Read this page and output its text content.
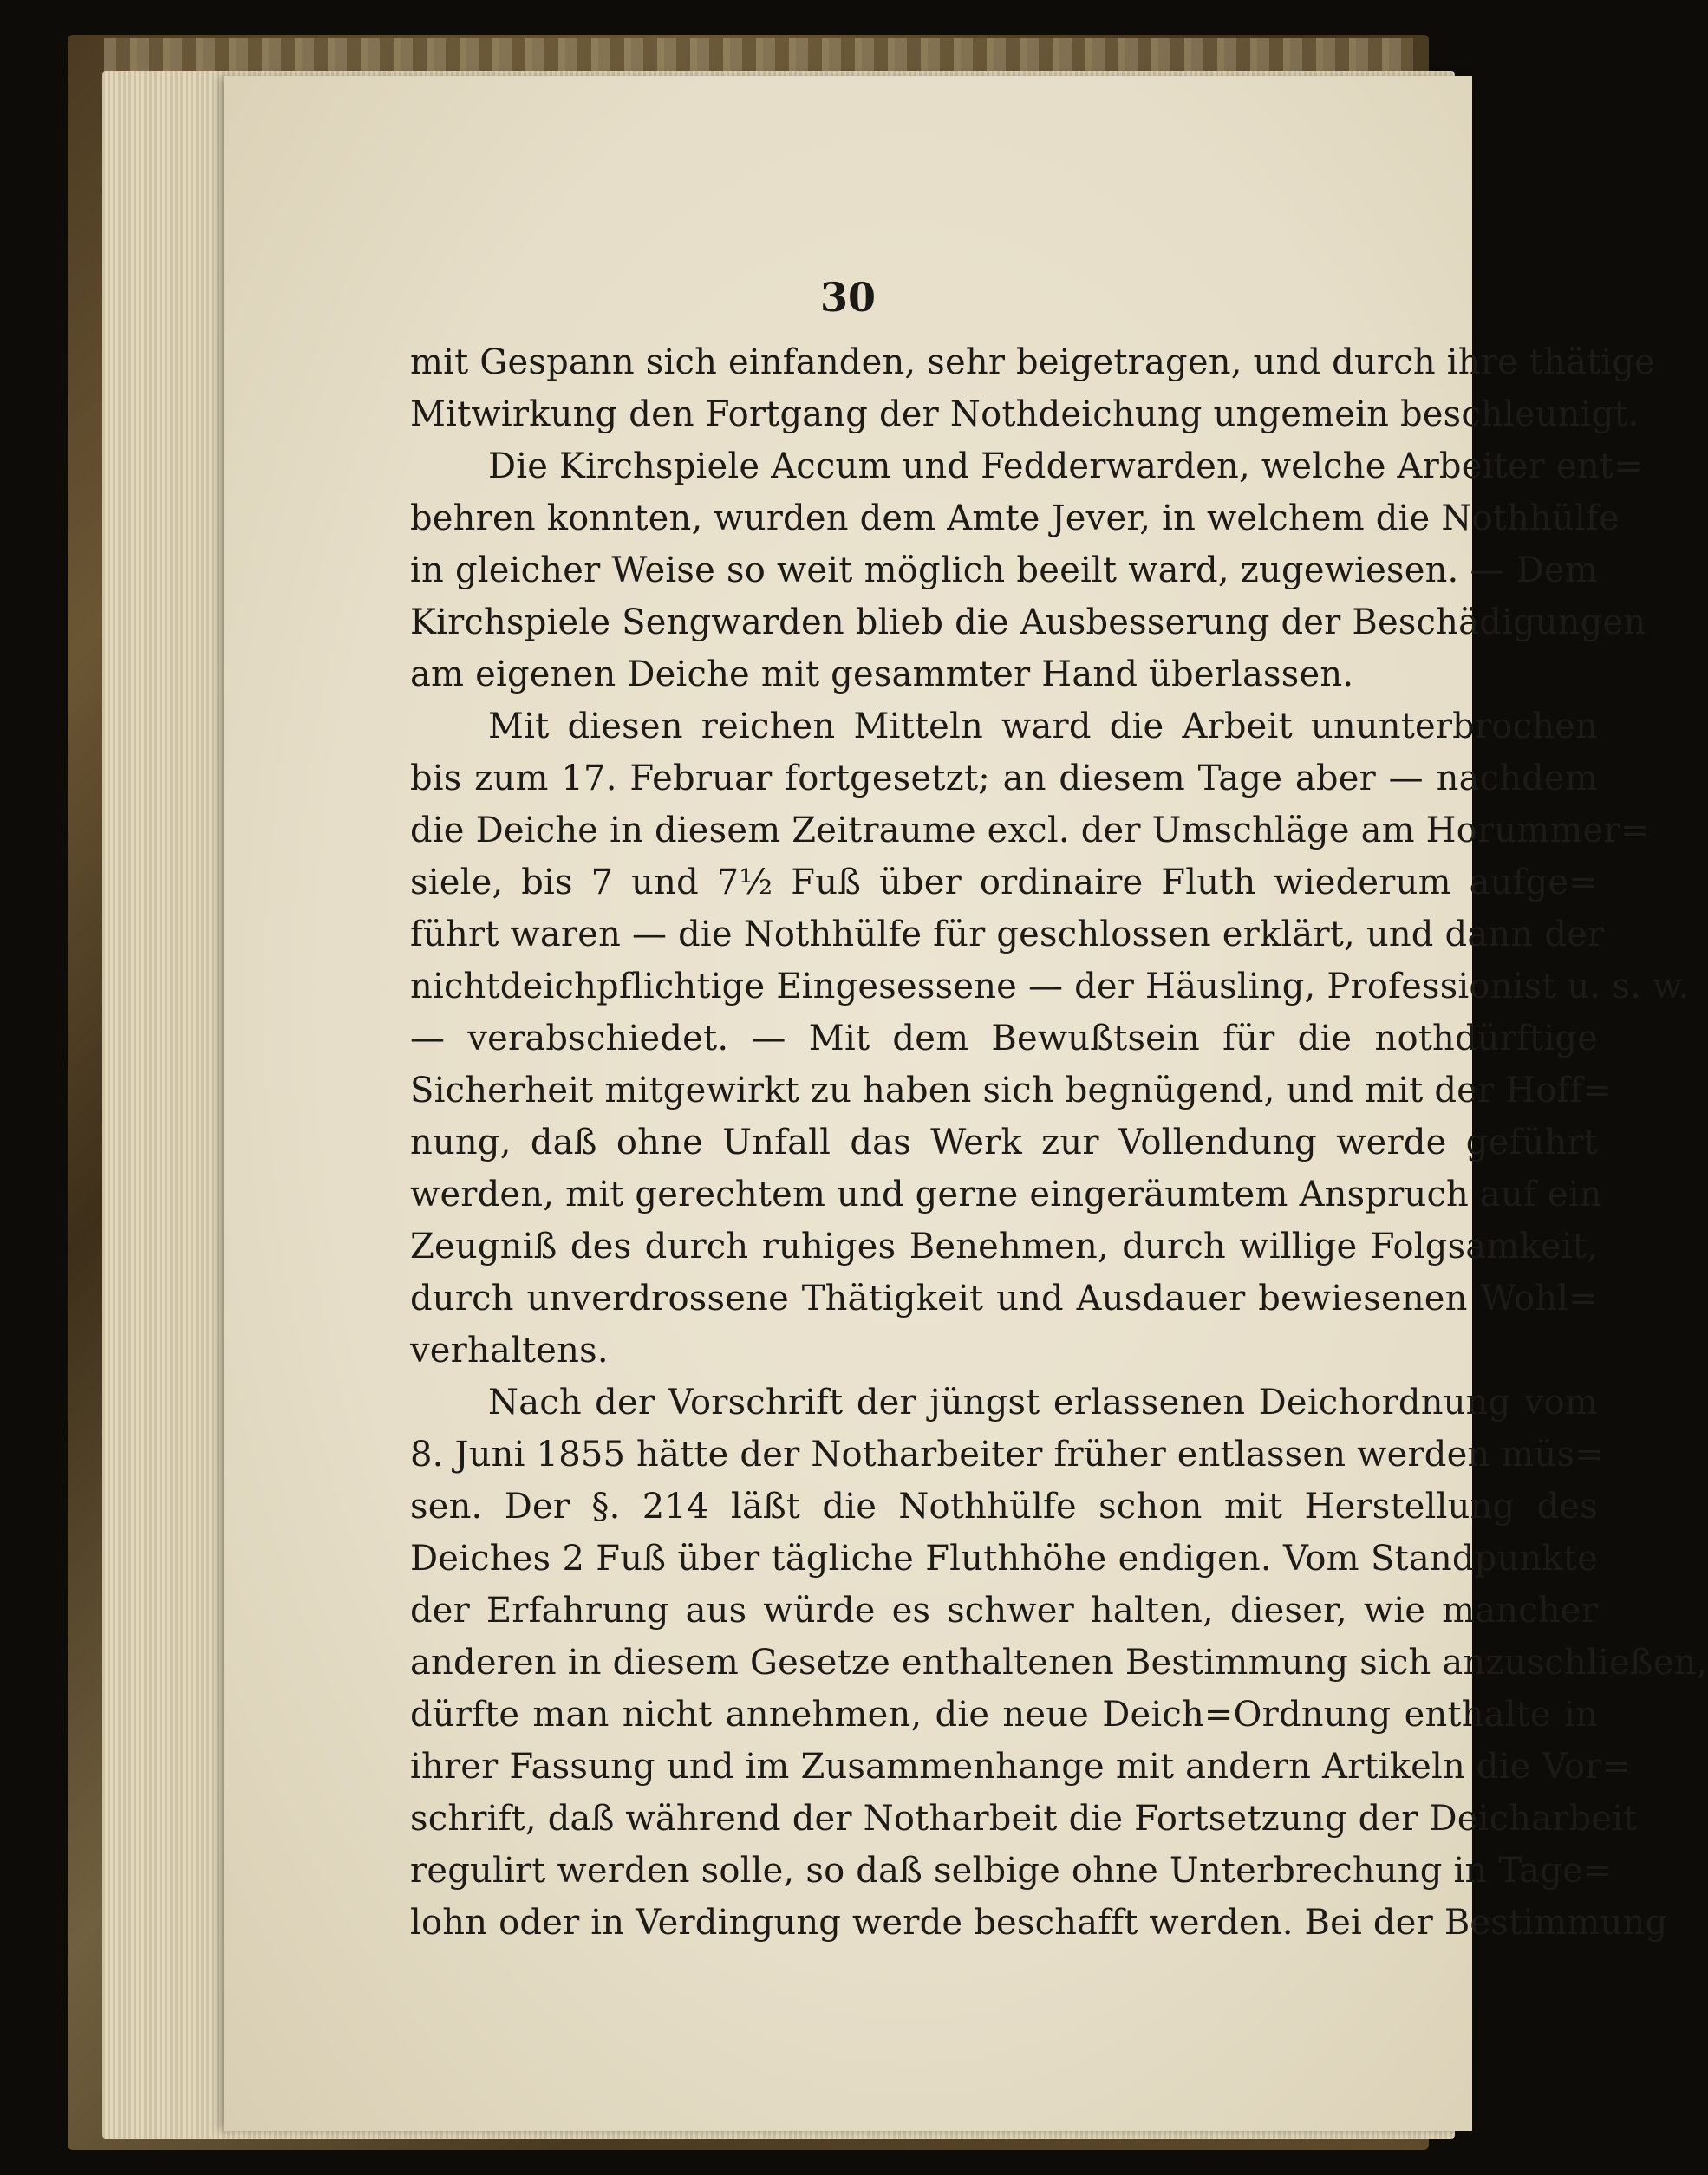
30
mit Gespann sich einfanden, sehr beigetragen, und durch ihre thätige
Mitwirkung den Fortgang der Nothdeichung ungemein beschleunigt.
Die Kirchspiele Accum und Fedderwarden, welche Arbeiter ent=
behren konnten, wurden dem Amte Jever, in welchem die Nothhülfe
in gleicher Weise so weit möglich beeilt ward, zugewiesen. — Dem
Kirchspiele Sengwarden blieb die Ausbesserung der Beschädigungen
am eigenen Deiche mit gesammter Hand überlassen.
Mit diesen reichen Mitteln ward die Arbeit ununterbrochen
bis zum 17. Februar fortgesetzt; an diesem Tage aber — nachdem
die Deiche in diesem Zeitraume excl. der Umschläge am Horummer=
siele, bis 7 und 7½ Fuß über ordinaire Fluth wiederum aufge=
führt waren — die Nothhülfe für geschlossen erklärt, und dann der
nichtdeichpflichtige Eingesessene — der Häusling, Professionist u. s. w.
— verabschiedet. — Mit dem Bewußtsein für die nothdürftige
Sicherheit mitgewirkt zu haben sich begnügend, und mit der Hoff=
nung, daß ohne Unfall das Werk zur Vollendung werde geführt
werden, mit gerechtem und gerne eingeräumtem Anspruch auf ein
Zeugniß des durch ruhiges Benehmen, durch willige Folgsamkeit,
durch unverdrossene Thätigkeit und Ausdauer bewiesenen Wohl=
verhaltens.
Nach der Vorschrift der jüngst erlassenen Deichordnung vom
8. Juni 1855 hätte der Notharbeiter früher entlassen werden müs=
sen. Der §. 214 läßt die Nothhülfe schon mit Herstellung des
Deiches 2 Fuß über tägliche Fluthhöhe endigen. Vom Standpunkte
der Erfahrung aus würde es schwer halten, dieser, wie mancher
anderen in diesem Gesetze enthaltenen Bestimmung sich anzuschließen,
dürfte man nicht annehmen, die neue Deich=Ordnung enthalte in
ihrer Fassung und im Zusammenhange mit andern Artikeln die Vor=
schrift, daß während der Notharbeit die Fortsetzung der Deicharbeit
regulirt werden solle, so daß selbige ohne Unterbrechung in Tage=
lohn oder in Verdingung werde beschafft werden. Bei der Bestimmung
